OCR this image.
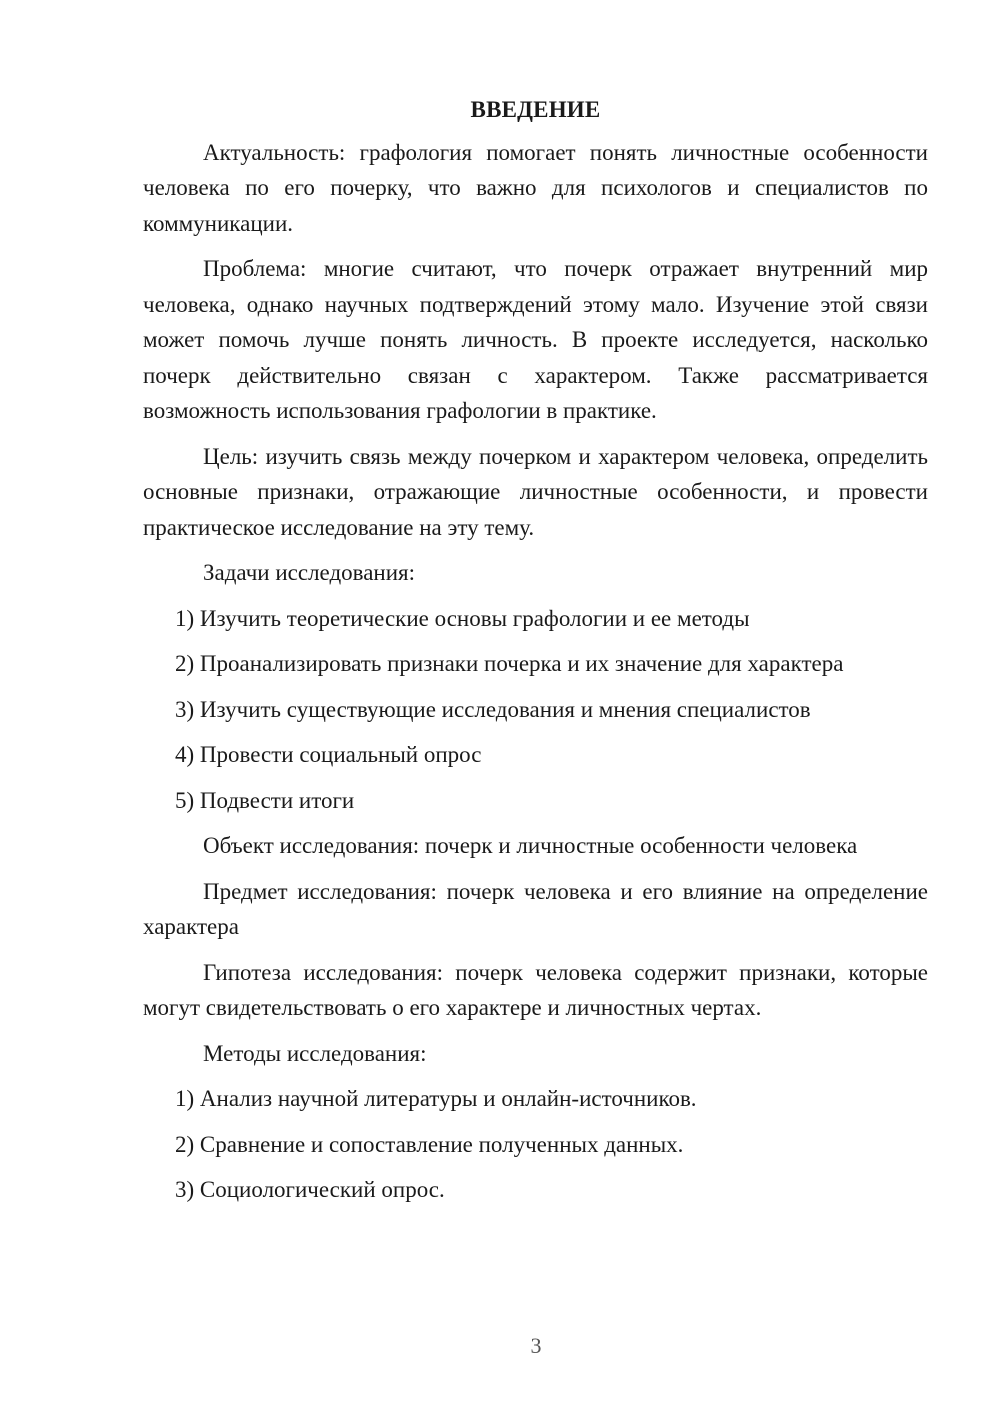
ВВЕДЕНИЕ

Актуальность: графология помогает понять личностные особенности человека по его почерку, что важно для психологов и специалистов по коммуникации.

Проблема: многие считают, что почерк отражает внутренний мир человека, однако научных подтверждений этому мало. Изучение этой связи может помочь лучше понять личность. В проекте исследуется, насколько почерк действительно связан с характером. Также рассматривается возможность использования графологии в практике.

Цель: изучить связь между почерком и характером человека, определить основные признаки, отражающие личностные особенности, и провести практическое исследование на эту тему.

Задачи исследования:

1) Изучить теоретические основы графологии и ее методы
2) Проанализировать признаки почерка и их значение для характера
3) Изучить существующие исследования и мнения специалистов
4) Провести социальный опрос
5) Подвести итоги

Объект исследования: почерк и личностные особенности человека

Предмет исследования: почерк человека и его влияние на определение характера

Гипотеза исследования: почерк человека содержит признаки, которые могут свидетельствовать о его характере и личностных чертах.

Методы исследования:

1) Анализ научной литературы и онлайн-источников.
2) Сравнение и сопоставление полученных данных.
3) Социологический опрос.
3
